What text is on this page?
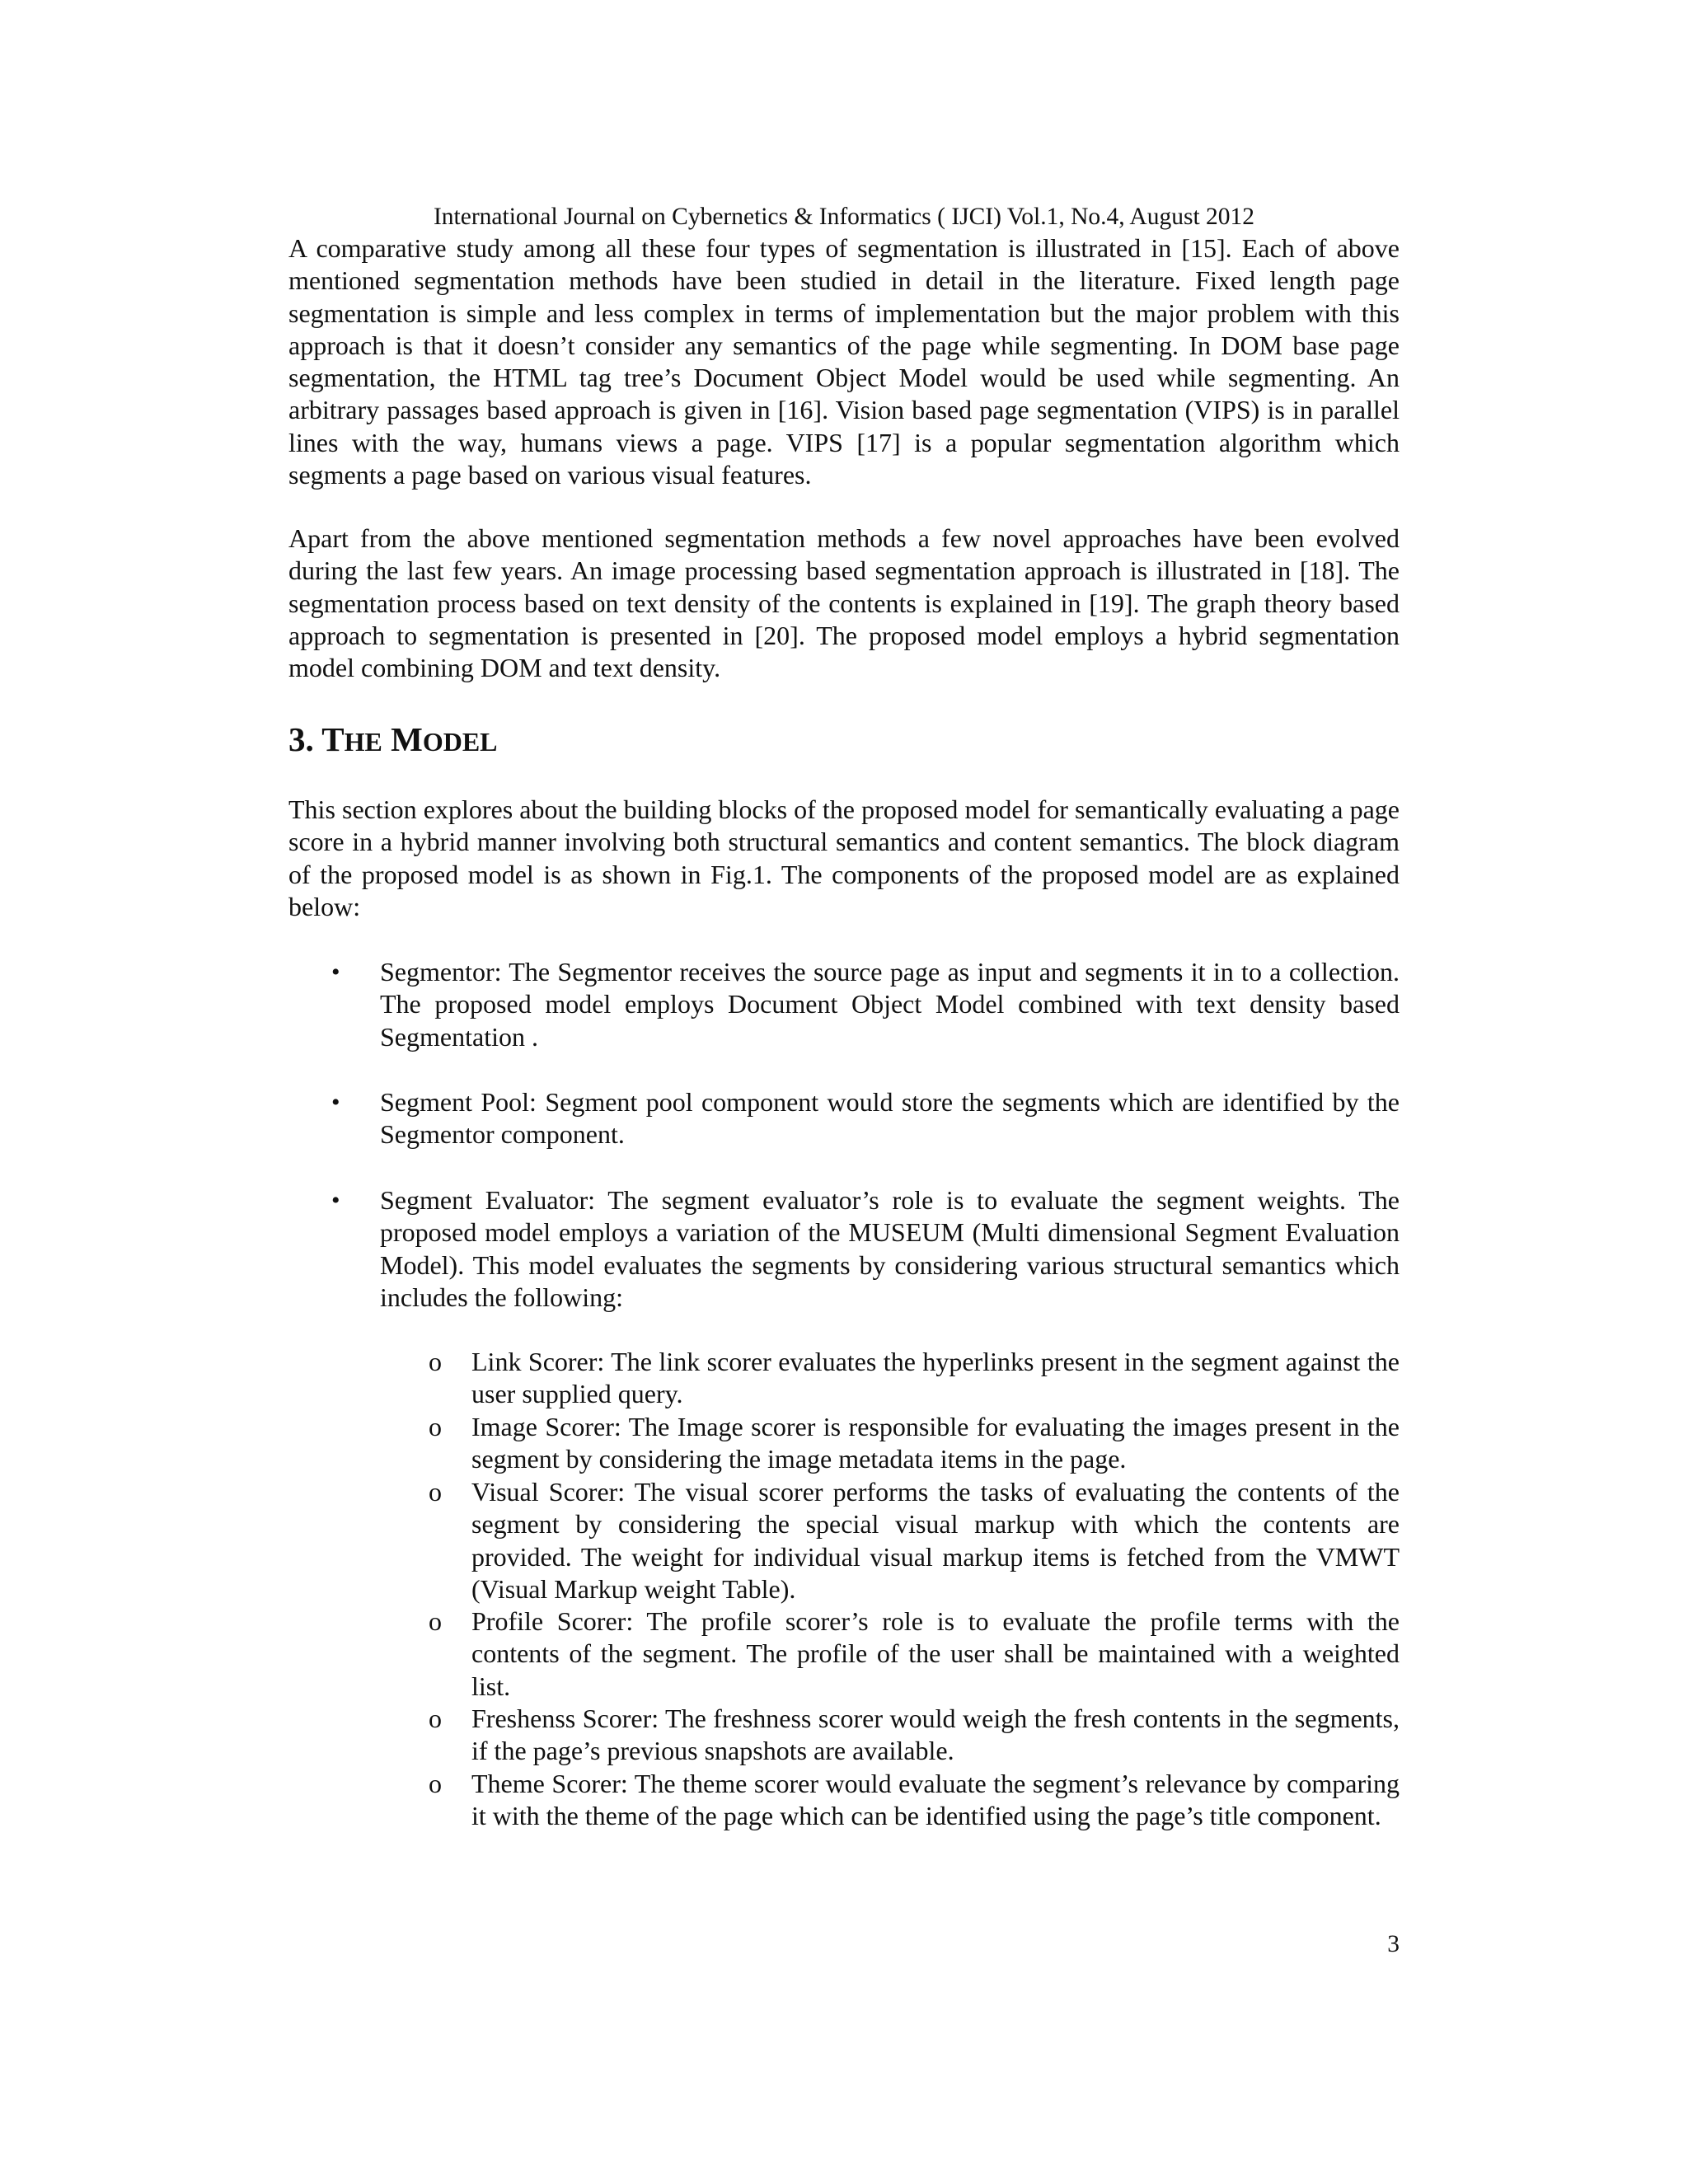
International Journal on Cybernetics & Informatics ( IJCI) Vol.1, No.4, August 2012
A comparative study among all these four types of segmentation is illustrated in [15]. Each of above mentioned segmentation methods have been studied in detail in the literature. Fixed length page segmentation is simple and less complex in terms of implementation but the major problem with this approach is that it doesn’t consider any semantics of the page while segmenting. In DOM base page segmentation, the HTML tag tree’s Document Object Model would be used while segmenting. An arbitrary passages based approach is given in [16]. Vision based page segmentation (VIPS) is in parallel lines with the way, humans views a page. VIPS [17] is a popular segmentation algorithm which segments a page based on various visual features.
Apart from the above mentioned segmentation methods a few novel approaches have been evolved during the last few years. An image processing based segmentation approach is illustrated in [18]. The segmentation process based on text density of the contents is explained in [19]. The graph theory based approach to segmentation is presented in [20]. The proposed model employs a hybrid segmentation model combining DOM and text density.
3. THE MODEL
This section explores about the building blocks of the proposed model for semantically evaluating a page score in a hybrid manner involving both structural semantics and content semantics. The block diagram of the proposed model is as shown in Fig.1. The components of the proposed model are as explained below:
• Segmentor: The Segmentor receives the source page as input and segments it in to a collection. The proposed model employs Document Object Model combined with text density based Segmentation .
• Segment Pool: Segment pool component would store the segments which are identified by the Segmentor component.
• Segment Evaluator: The segment evaluator’s role is to evaluate the segment weights. The proposed model employs a variation of the MUSEUM (Multi dimensional Segment Evaluation Model). This model evaluates the segments by considering various structural semantics which includes the following:
o Link Scorer: The link scorer evaluates the hyperlinks present in the segment against the user supplied query.
o Image Scorer: The Image scorer is responsible for evaluating the images present in the segment by considering the image metadata items in the page.
o Visual Scorer: The visual scorer performs the tasks of evaluating the contents of the segment by considering the special visual markup with which the contents are provided. The weight for individual visual markup items is fetched from the VMWT (Visual Markup weight Table).
o Profile Scorer: The profile scorer’s role is to evaluate the profile terms with the contents of the segment. The profile of the user shall be maintained with a weighted list.
o Freshenss Scorer: The freshness scorer would weigh the fresh contents in the segments, if the page’s previous snapshots are available.
o Theme Scorer: The theme scorer would evaluate the segment’s relevance by comparing it with the theme of the page which can be identified using the page’s title component.
3
